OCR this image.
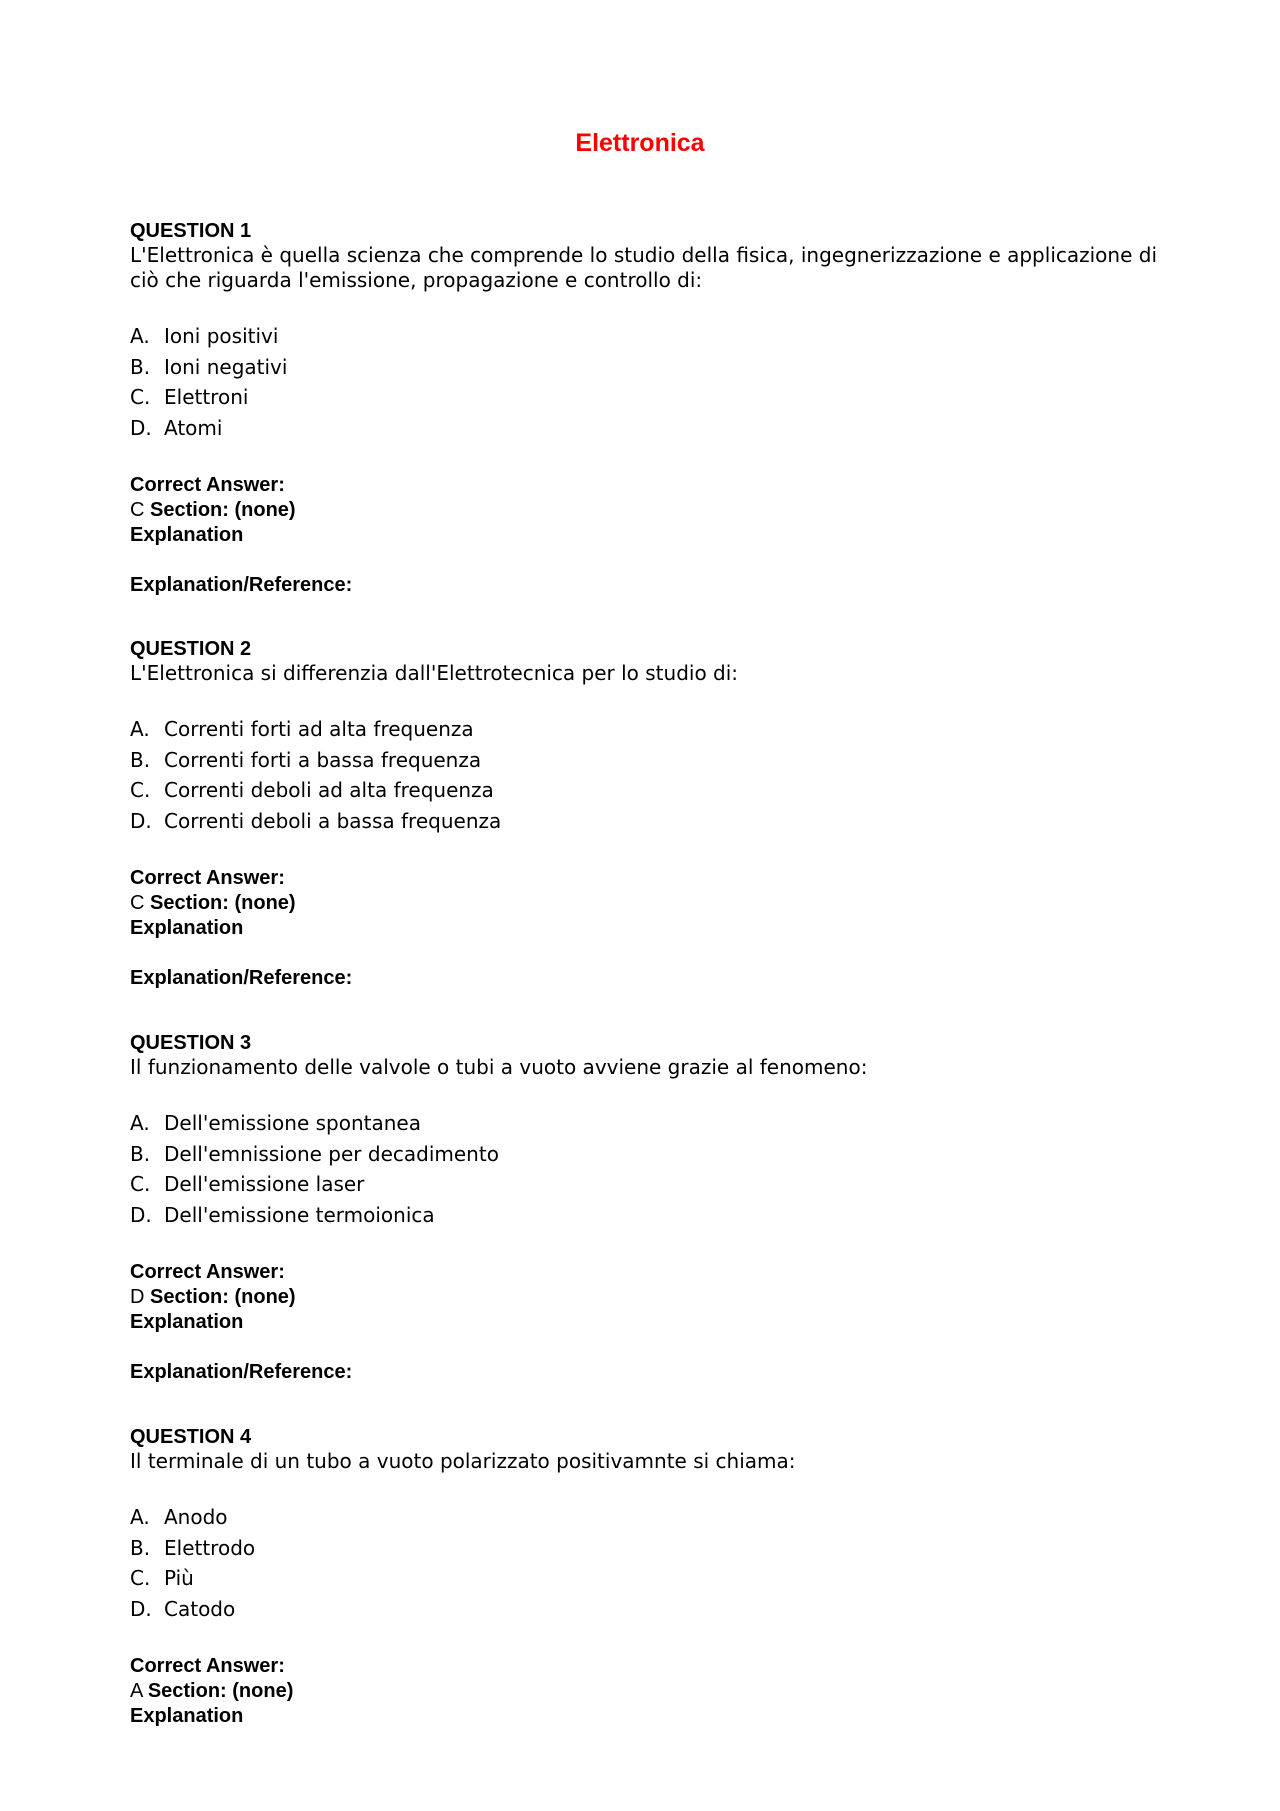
Elettronica
QUESTION 1

L'Elettronica è quella scienza che comprende lo studio della fisica, ingegnerizzazione e applicazione di ciò che riguarda l'emissione, propagazione e controllo di:

A. Ioni positivi
B. Ioni negativi
C. Elettroni
D. Atomi
Correct Answer:
C Section: (none)
Explanation
Explanation/Reference:
QUESTION 2

L'Elettronica si differenzia dall'Elettrotecnica per lo studio di:

A. Correnti forti ad alta frequenza
B. Correnti forti a bassa frequenza
C. Correnti deboli ad alta frequenza
D. Correnti deboli a bassa frequenza
Correct Answer:
C Section: (none)
Explanation
Explanation/Reference:
QUESTION 3

Il funzionamento delle valvole o tubi a vuoto avviene grazie al fenomeno:

A. Dell'emissione spontanea
B. Dell'emnissione per decadimento
C. Dell'emissione laser
D. Dell'emissione termoionica
Correct Answer:
D Section: (none)
Explanation
Explanation/Reference:
QUESTION 4

Il terminale di un tubo a vuoto polarizzato positivamnte si chiama:

A. Anodo
B. Elettrodo
C. Più
D. Catodo
Correct Answer:
A Section: (none)
Explanation
